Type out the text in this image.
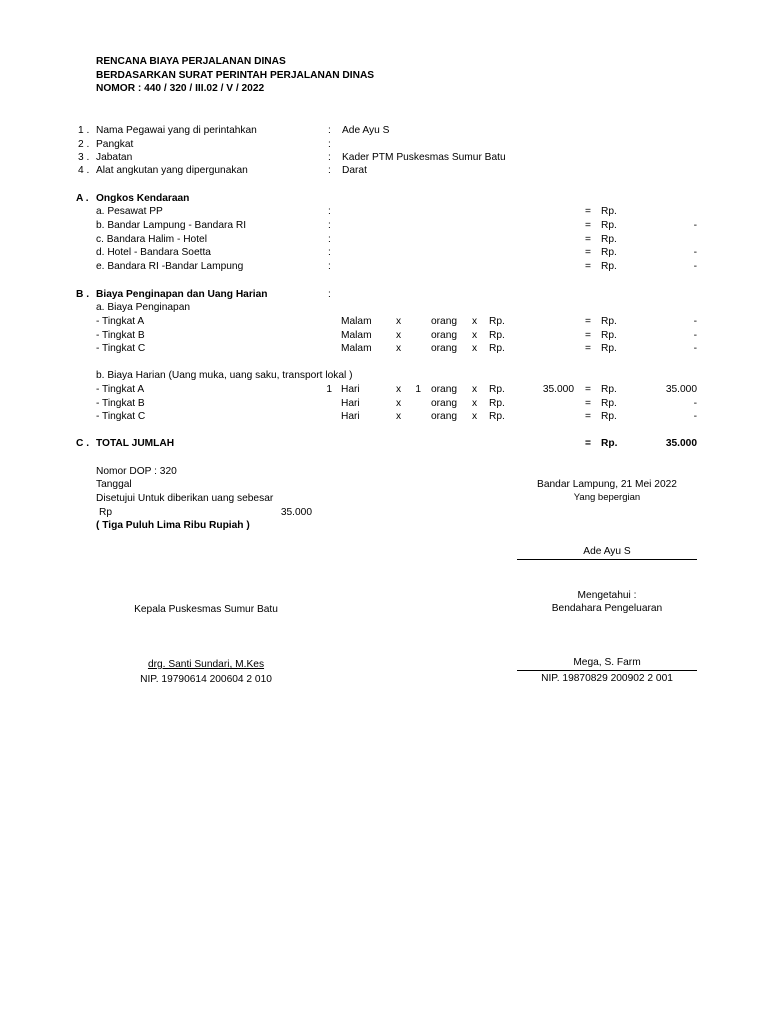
RENCANA BIAYA PERJALANAN DINAS
BERDASARKAN SURAT PERINTAH PERJALANAN DINAS
NOMOR : 440 / 320 / III.02 / V / 2022
1 . Nama Pegawai yang di perintahkan	: Ade Ayu S
2 . Pangkat	:
3 . Jabatan	: Kader PTM Puskesmas Sumur Batu
4 . Alat angkutan yang dipergunakan	: Darat
A . Ongkos Kendaraan
a. Pesawat PP	:	= Rp.
b. Bandar Lampung - Bandara RI	:	= Rp.	-
c. Bandara Halim - Hotel	:	= Rp.
d. Hotel - Bandara Soetta	:	= Rp.	-
e. Bandara RI -Bandar Lampung	:	= Rp.	-
B . Biaya Penginapan dan Uang Harian	:
a. Biaya Penginapan
- Tingkat A	Malam x	orang x Rp.	= Rp.	-
- Tingkat B	Malam x	orang x Rp.	= Rp.	-
- Tingkat C	Malam x	orang x Rp.	= Rp.	-
b. Biaya Harian (Uang muka, uang saku, transport lokal )
- Tingkat A	1 Hari	x	1 orang x Rp.	35.000 = Rp.	35.000
- Tingkat B	Hari	x	orang x Rp.	= Rp.	-
- Tingkat C	Hari	x	orang x Rp.	= Rp.	-
C . TOTAL JUMLAH	= Rp.	35.000
Nomor DOP : 320
Tanggal
Disetujui Untuk diberikan uang sebesar
Rp	35.000
( Tiga Puluh Lima Ribu Rupiah )
Bandar Lampung, 21 Mei 2022
Yang bepergian
Ade Ayu S
Mengetahui :
Bendahara Pengeluaran
Mega, S. Farm
NIP. 19870829 200902 2 001
Kepala Puskesmas Sumur Batu
drg. Santi Sundari, M.Kes
NIP. 19790614 200604 2 010
